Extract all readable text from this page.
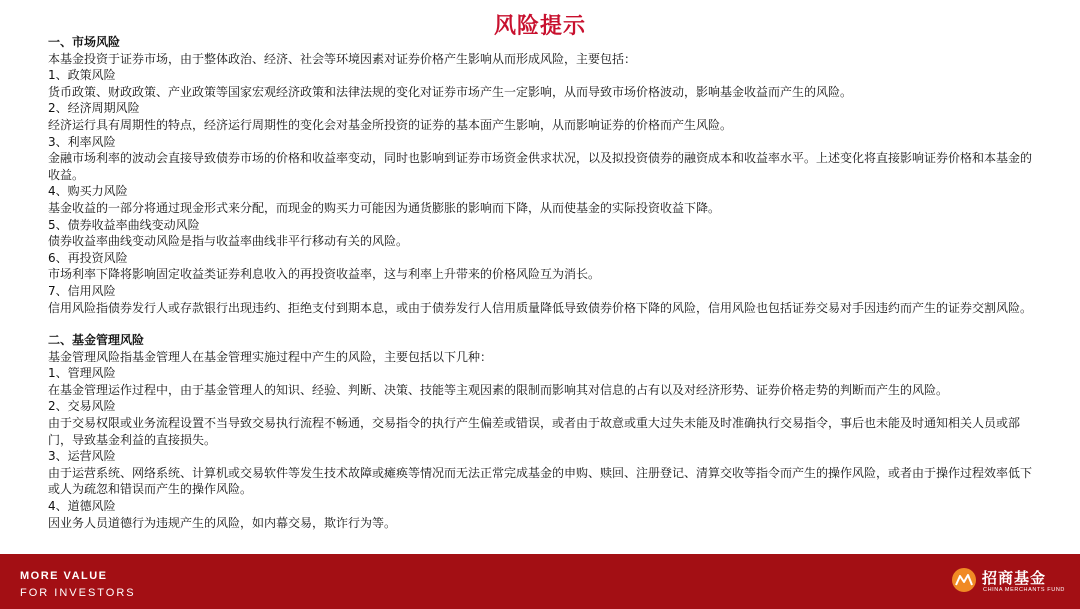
风险提示

一、市场风险

本基金投资于证券市场，由于整体政治、经济、社会等环境因素对证券价格产生影响从而形成风险，主要包括：

1、政策风险

货币政策、财政政策、产业政策等国家宏观经济政策和法律法规的变化对证券市场产生一定影响，从而导致市场价格波动，影响基金收益而产生的风险。

2、经济周期风险

经济运行具有周期性的特点，经济运行周期性的变化会对基金所投资的证券的基本面产生影响，从而影响证券的价格而产生风险。

3、利率风险

金融市场利率的波动会直接导致债券市场的价格和收益率变动，同时也影响到证券市场资金供求状况，以及拟投资债券的融资成本和收益率水平。上述变化将直接影响证券价格和本基金的收益。

4、购买力风险

基金收益的一部分将通过现金形式来分配，而现金的购买力可能因为通货膨胀的影响而下降，从而使基金的实际投资收益下降。

5、债券收益率曲线变动风险

债券收益率曲线变动风险是指与收益率曲线非平行移动有关的风险。

6、再投资风险

市场利率下降将影响固定收益类证券利息收入的再投资收益率，这与利率上升带来的价格风险互为消长。

7、信用风险

信用风险指债券发行人或存款银行出现违约、拒绝支付到期本息，或由于债券发行人信用质量降低导致债券价格下降的风险，信用风险也包括证券交易对手因违约而产生的证券交割风险。

二、基金管理风险

基金管理风险指基金管理人在基金管理实施过程中产生的风险，主要包括以下几种：

1、管理风险

在基金管理运作过程中，由于基金管理人的知识、经验、判断、决策、技能等主观因素的限制而影响其对信息的占有以及对经济形势、证券价格走势的判断而产生的风险。

2、交易风险

由于交易权限或业务流程设置不当导致交易执行流程不畅通，交易指令的执行产生偏差或错误，或者由于故意或重大过失未能及时准确执行交易指令，事后也未能及时通知相关人员或部门，导致基金利益的直接损失。

3、运营风险

由于运营系统、网络系统、计算机或交易软件等发生技术故障或瘫痪等情况而无法正常完成基金的申购、赎回、注册登记、清算交收等指令而产生的操作风险，或者由于操作过程效率低下或人为疏忽和错误而产生的操作风险。

4、道德风险

因业务人员道德行为违规产生的风险，如内幕交易，欺诈行为等。

MORE VALUE
FOR INVESTORS
招商基金
CHINA MERCHANTS FUND
